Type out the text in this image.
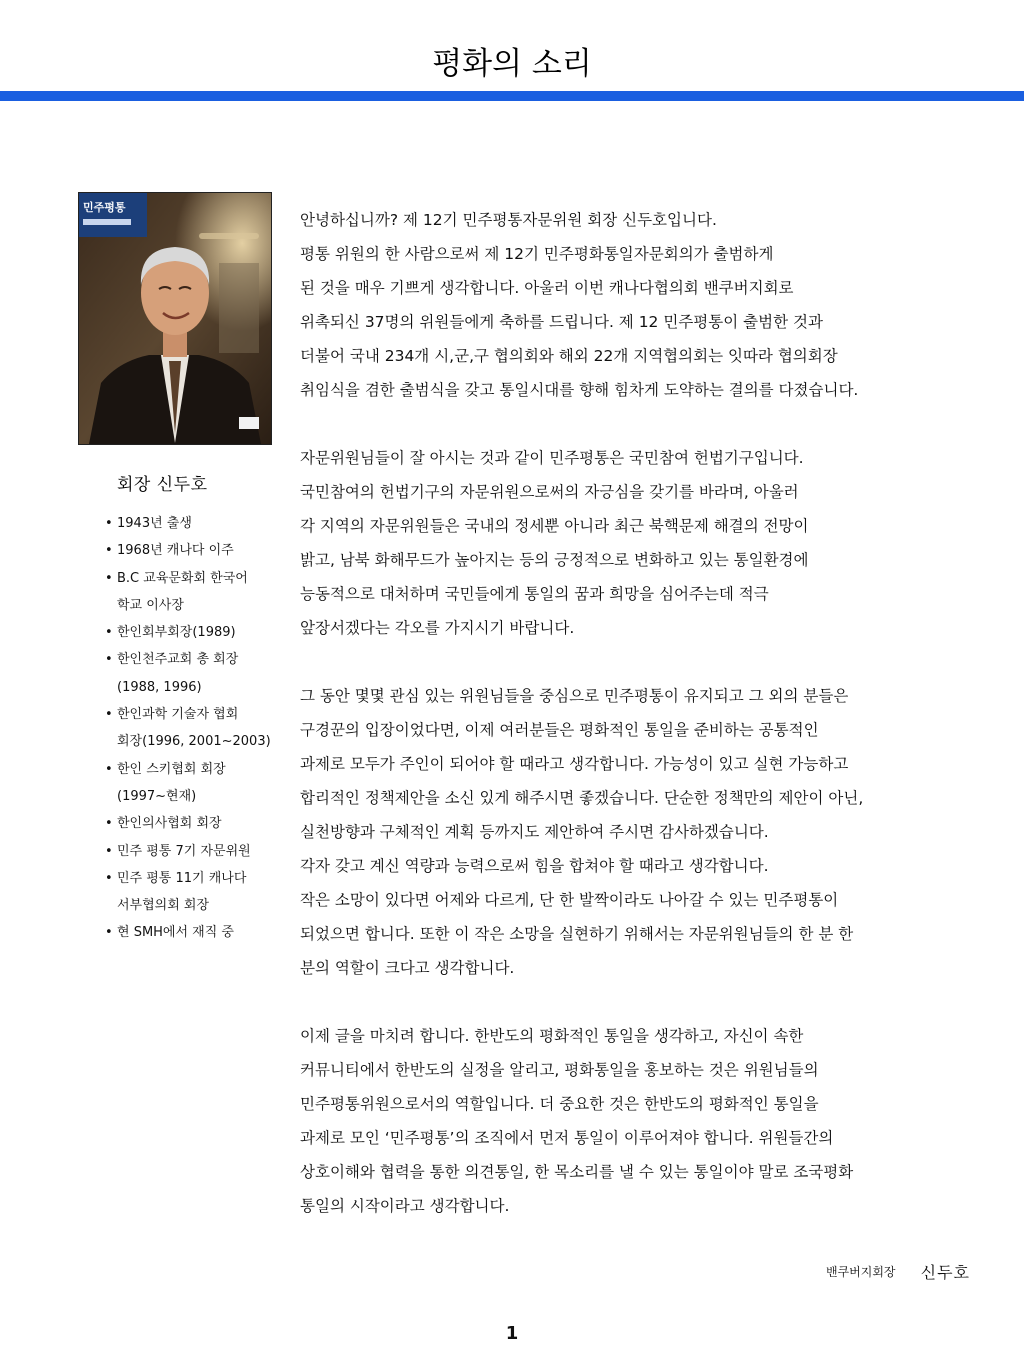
평화의 소리
민주평통
회장 신두호
• 1943년 출생
• 1968년 캐나다 이주
• B.C 교육문화회 한국어
학교 이사장
• 한인회부회장(1989)
• 한인천주교회 총 회장
(1988, 1996)
• 한인과학 기술자 협회
회장(1996, 2001~2003)
• 한인 스키협회 회장
(1997~현재)
• 한인의사협회 회장
• 민주 평통 7기 자문위원
• 민주 평통 11기 캐나다
서부협의회 회장
• 현 SMH에서 재직 중
안녕하십니까? 제 12기 민주평통자문위원 회장 신두호입니다.
평통 위원의 한 사람으로써 제 12기 민주평화통일자문회의가 출범하게
된 것을 매우 기쁘게 생각합니다. 아울러 이번 캐나다협의회 밴쿠버지회로
위촉되신 37명의 위원들에게 축하를 드립니다. 제 12 민주평통이 출범한 것과
더불어 국내 234개 시,군,구 협의회와 해외 22개 지역협의회는 잇따라 협의회장
취임식을 겸한 출범식을 갖고 통일시대를 향해 힘차게 도약하는 결의를 다졌습니다.
자문위원님들이 잘 아시는 것과 같이 민주평통은 국민참여 헌법기구입니다.
국민참여의 헌법기구의 자문위원으로써의 자긍심을 갖기를 바라며, 아울러
각 지역의 자문위원들은 국내의 정세뿐 아니라 최근 북핵문제 해결의 전망이
밝고, 남북 화해무드가 높아지는 등의 긍정적으로 변화하고 있는 통일환경에
능동적으로 대처하며 국민들에게 통일의 꿈과 희망을 심어주는데 적극
앞장서겠다는 각오를 가지시기 바랍니다.
그 동안 몇몇 관심 있는 위원님들을 중심으로 민주평통이 유지되고 그 외의 분들은
구경꾼의 입장이었다면, 이제 여러분들은 평화적인 통일을 준비하는 공통적인
과제로 모두가 주인이 되어야 할 때라고 생각합니다. 가능성이 있고 실현 가능하고
합리적인 정책제안을 소신 있게 해주시면 좋겠습니다. 단순한 정책만의 제안이 아닌,
실천방향과 구체적인 계획 등까지도 제안하여 주시면 감사하겠습니다.
각자 갖고 계신 역량과 능력으로써 힘을 합쳐야 할 때라고 생각합니다.
작은 소망이 있다면 어제와 다르게, 단 한 발짝이라도 나아갈 수 있는 민주평통이
되었으면 합니다. 또한 이 작은 소망을 실현하기 위해서는 자문위원님들의 한 분 한
분의 역할이 크다고 생각합니다.
이제 글을 마치려 합니다. 한반도의 평화적인 통일을 생각하고, 자신이 속한
커뮤니티에서 한반도의 실정을 알리고, 평화통일을 홍보하는 것은 위원님들의
민주평통위원으로서의 역할입니다. 더 중요한 것은 한반도의 평화적인 통일을
과제로 모인 ‘민주평통’의 조직에서 먼저 통일이 이루어져야 합니다. 위원들간의
상호이해와 협력을 통한 의견통일, 한 목소리를 낼 수 있는 통일이야 말로 조국평화
통일의 시작이라고 생각합니다.
밴쿠버지회장 신두호
1
